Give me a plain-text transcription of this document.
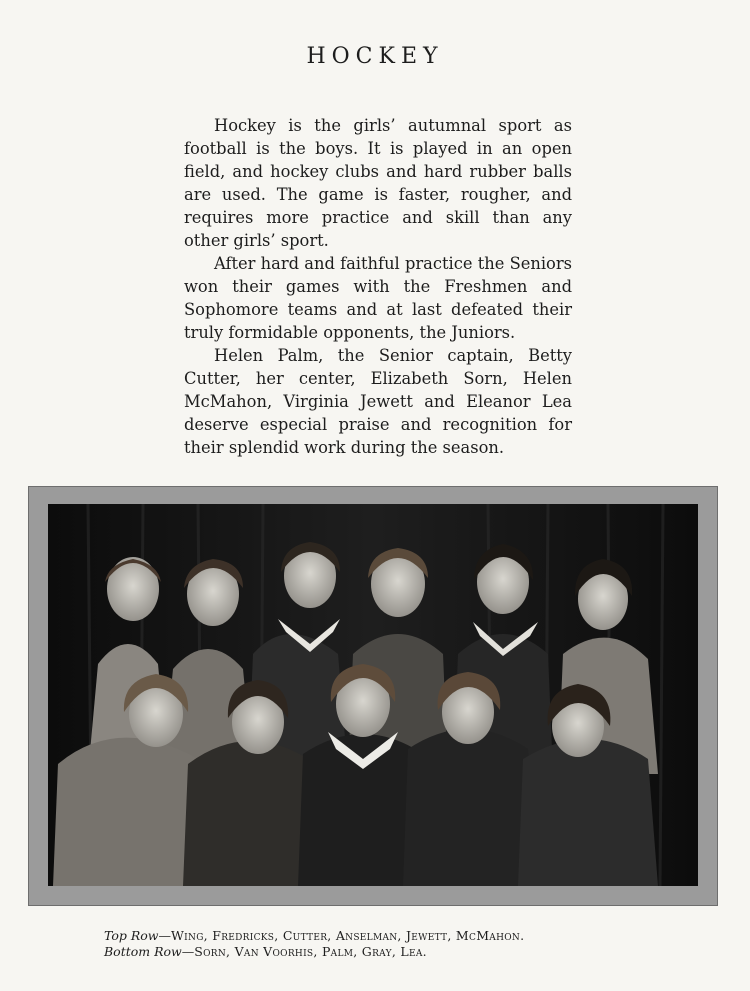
HOCKEY

Hockey is the girls’ autumnal sport as football is the boys. It is played in an open field, and hockey clubs and hard rubber balls are used. The game is faster, rougher, and requires more practice and skill than any other girls’ sport.

After hard and faithful practice the Seniors won their games with the Freshmen and Sophomore teams and at last defeated their truly formidable opponents, the Juniors.

Helen Palm, the Senior captain, Betty Cutter, her center, Elizabeth Sorn, Helen McMahon, Virginia Jewett and Eleanor Lea deserve especial praise and recognition for their splendid work during the season.

Top Row—Wing, Fredricks, Cutter, Anselman, Jewett, McMahon.
Bottom Row—Sorn, Van Voorhis, Palm, Gray, Lea.
